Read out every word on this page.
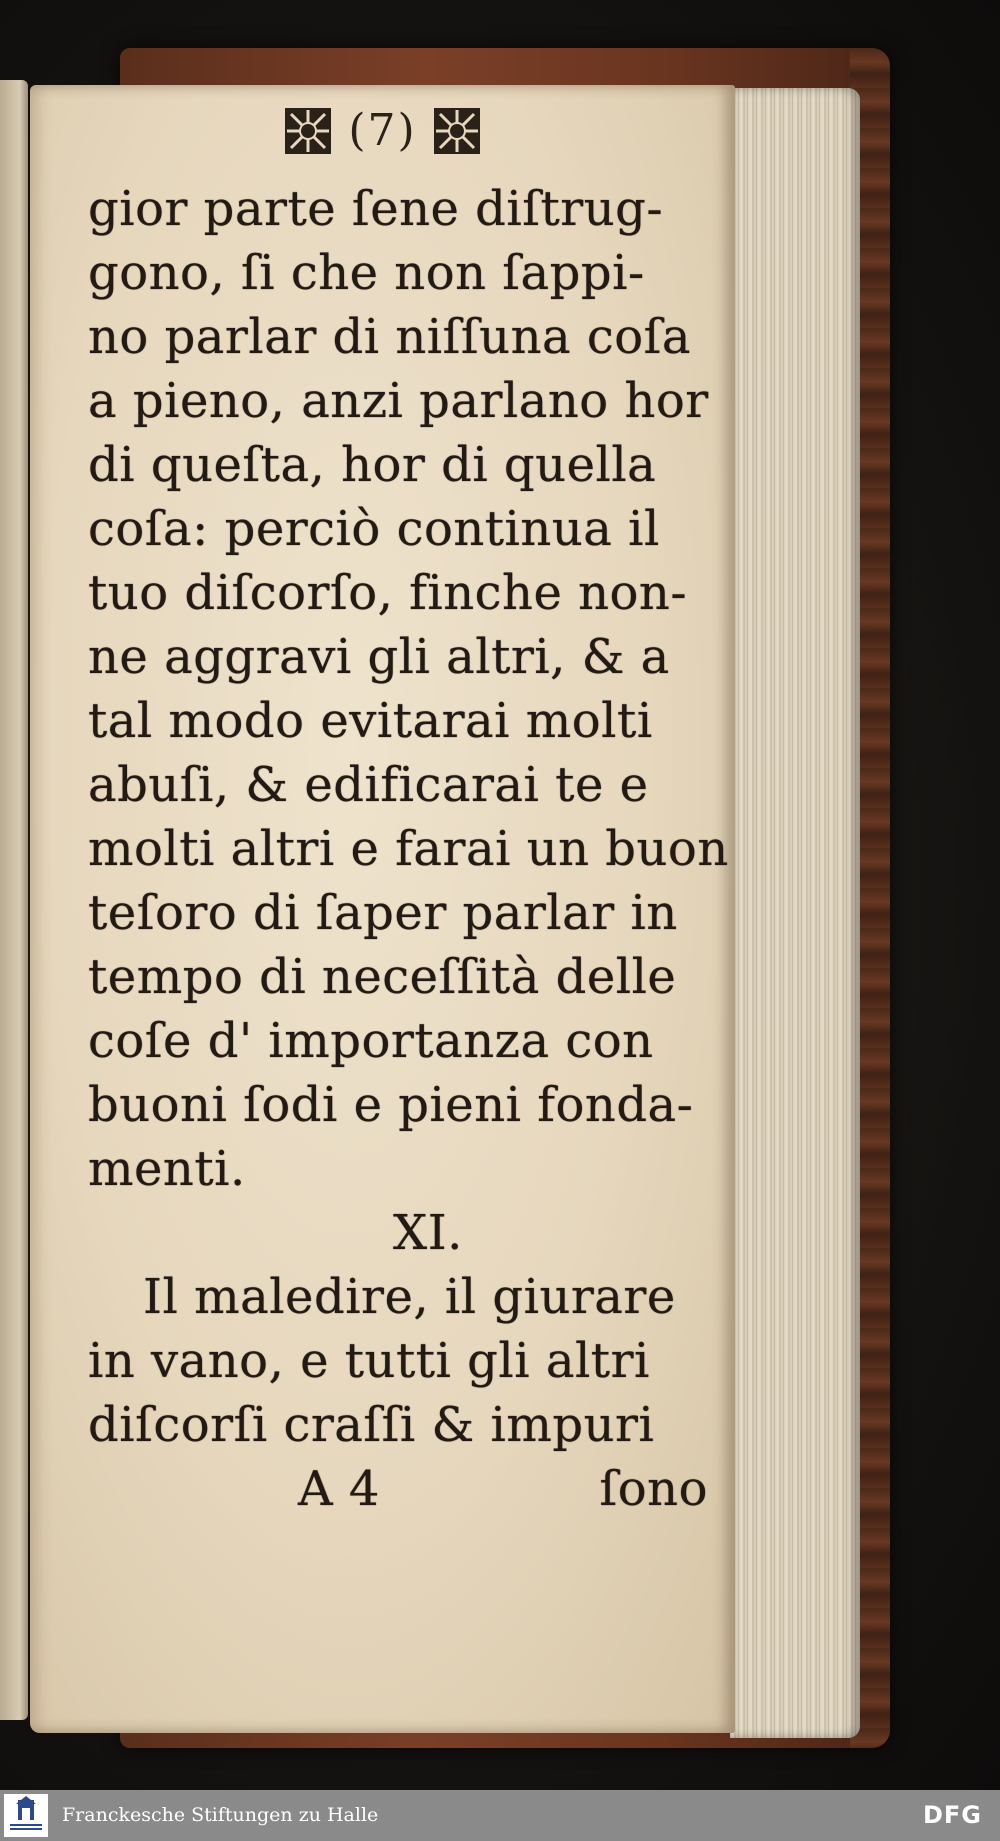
(7)
gior parte ſene diſtrug-
gono, ſi che non ſappi-
no parlar di niſſuna coſa
a pieno, anzi parlano hor
di queſta, hor di quella
coſa: perciò continua il
tuo diſcorſo, finche non-
ne aggravi gli altri, & a
tal modo evitarai molti
abuſi, & edificarai te e
molti altri e farai un buon
teſoro di ſaper parlar in
tempo di neceſſità delle
coſe d' importanza con
buoni ſodi e pieni fonda-
menti.
XI.
Il maledire, il giurare
in vano, e tutti gli altri
diſcorſi craſſi & impuri
A 4	ſono
Franckesche Stiftungen zu Halle	DFG
